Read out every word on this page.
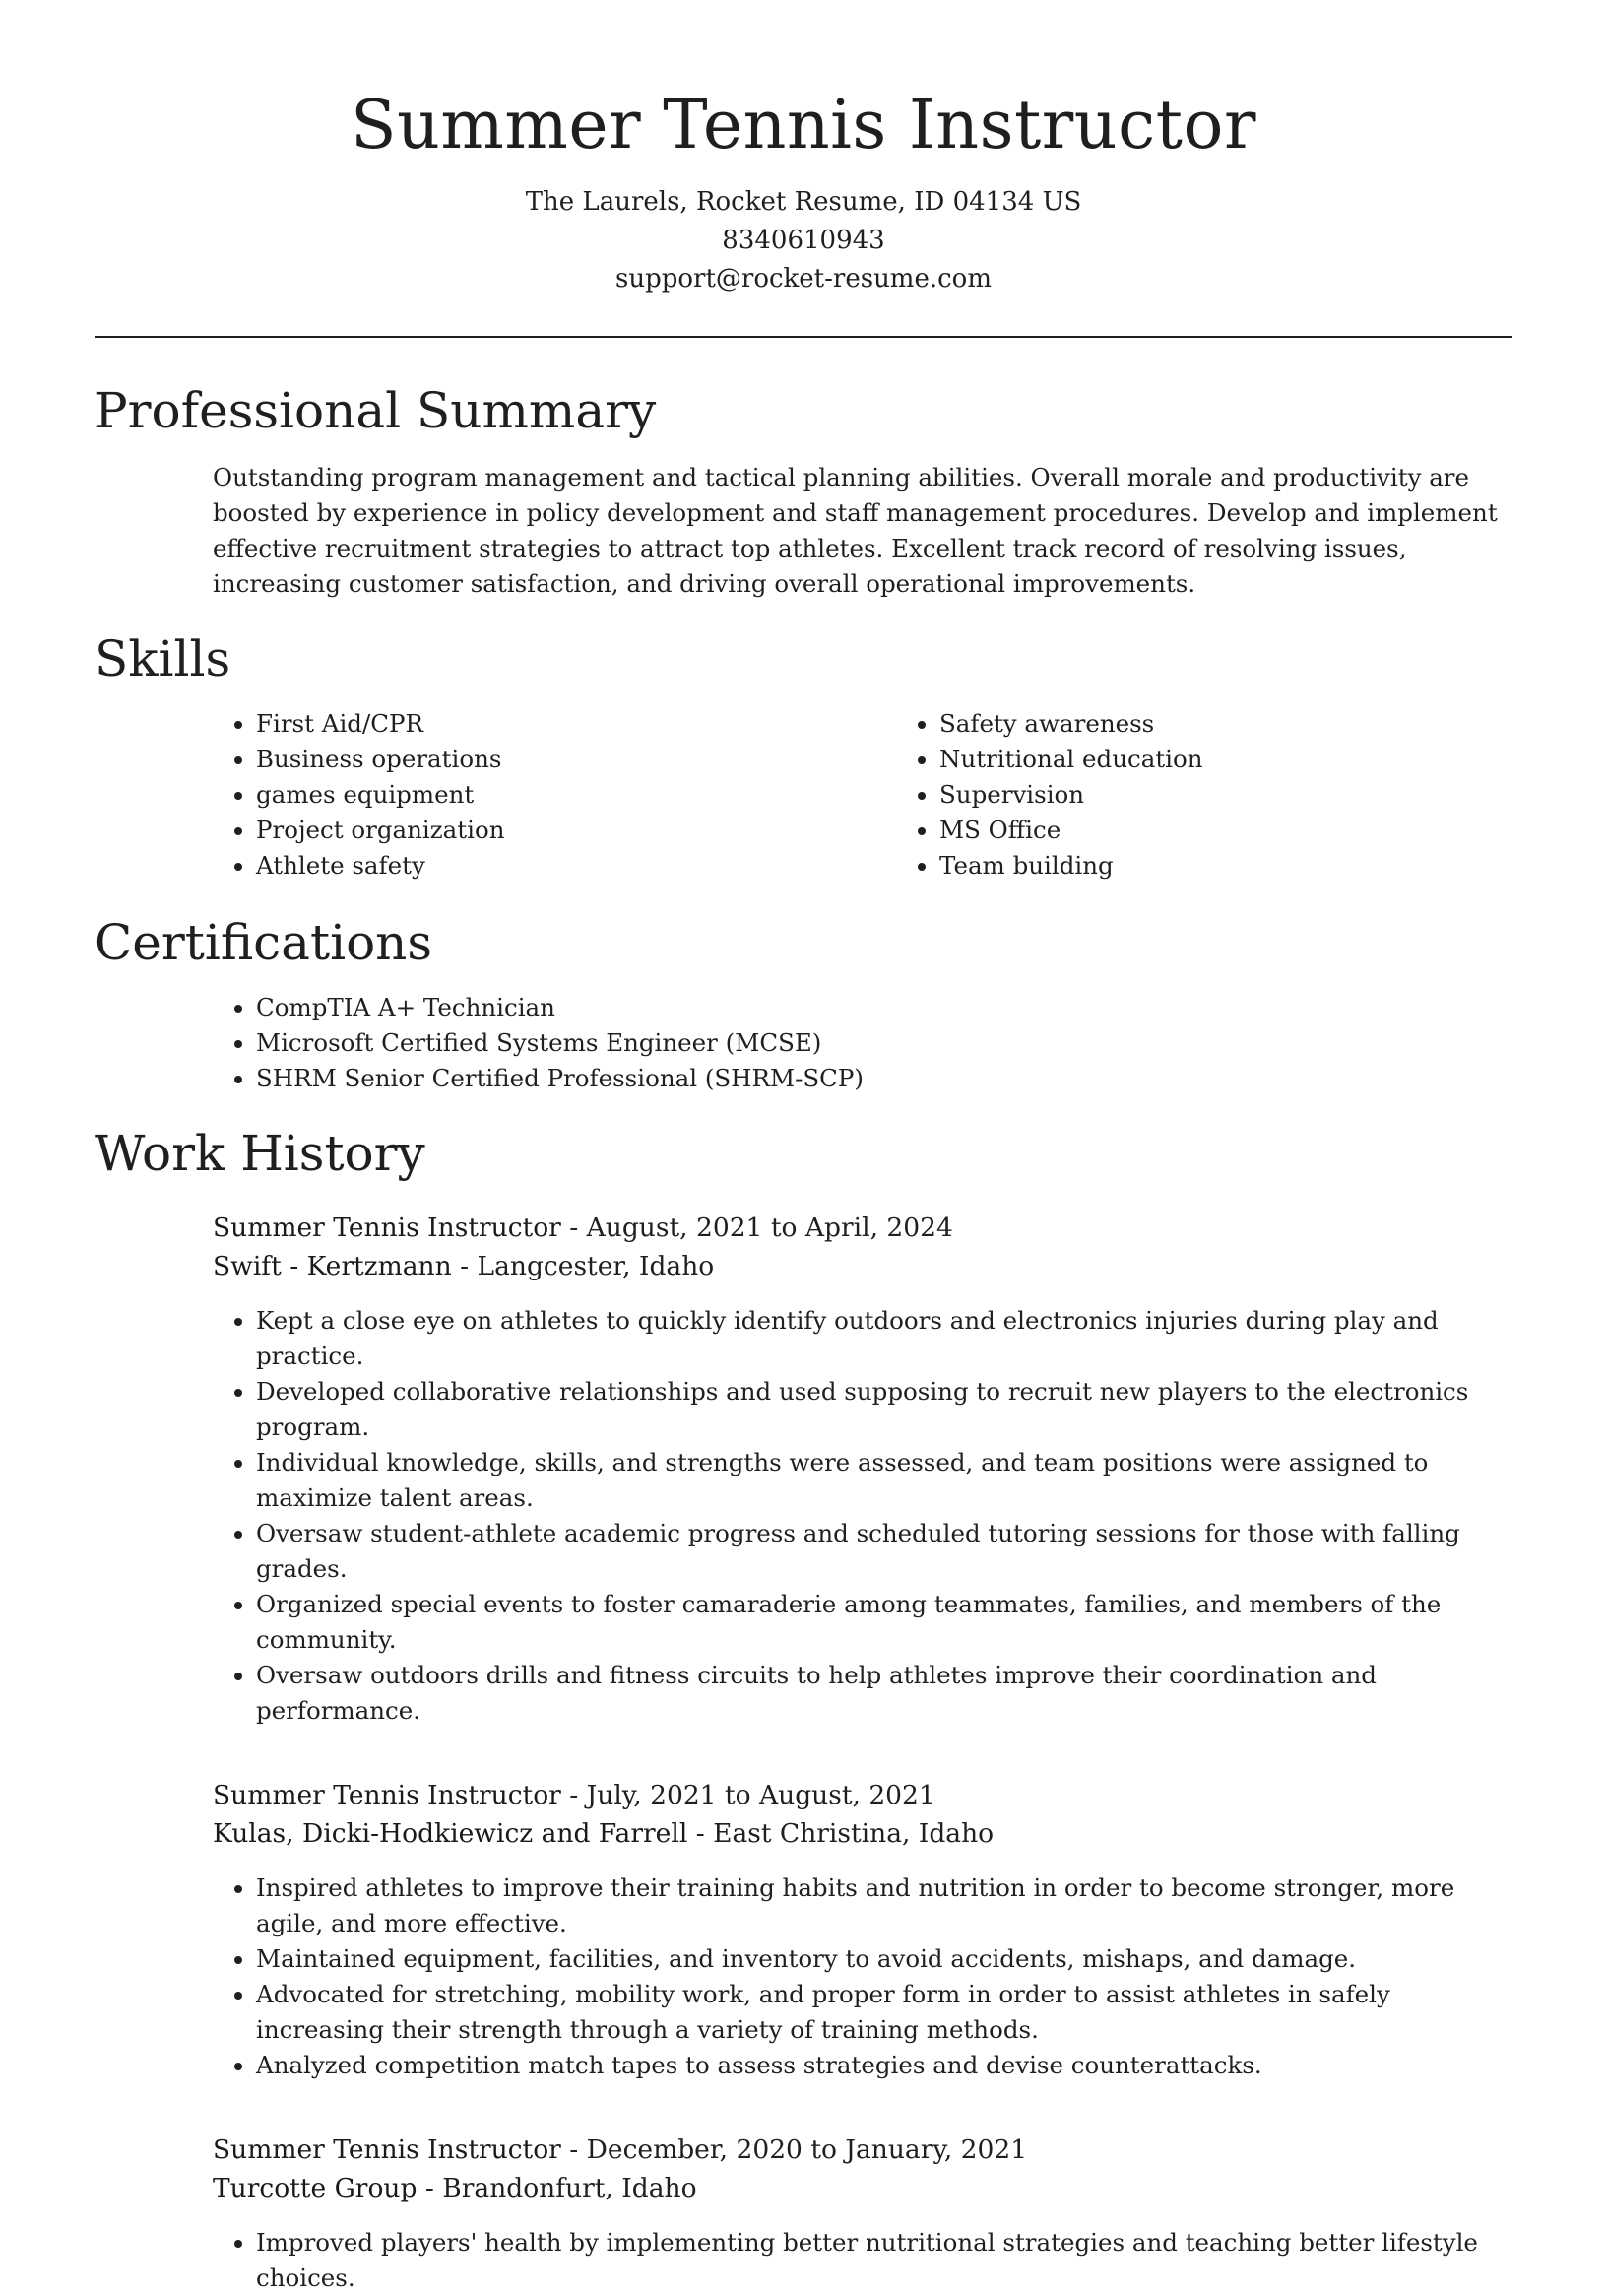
Summer Tennis Instructor
The Laurels, Rocket Resume, ID 04134 US
8340610943
support@rocket-resume.com
Professional Summary

Outstanding program management and tactical planning abilities. Overall morale and productivity are boosted by experience in policy development and staff management procedures. Develop and implement effective recruitment strategies to attract top athletes. Excellent track record of resolving issues, increasing customer satisfaction, and driving overall operational improvements.

Skills
• First Aid/CPR
• Business operations
• games equipment
• Project organization
• Athlete safety
• Safety awareness
• Nutritional education
• Supervision
• MS Office
• Team building
Certifications
• CompTIA A+ Technician
• Microsoft Certified Systems Engineer (MCSE)
• SHRM Senior Certified Professional (SHRM-SCP)
Work History
Summer Tennis Instructor - August, 2021 to April, 2024
Swift - Kertzmann - Langcester, Idaho
• Kept a close eye on athletes to quickly identify outdoors and electronics injuries during play and practice.
• Developed collaborative relationships and used supposing to recruit new players to the electronics program.
• Individual knowledge, skills, and strengths were assessed, and team positions were assigned to maximize talent areas.
• Oversaw student-athlete academic progress and scheduled tutoring sessions for those with falling grades.
• Organized special events to foster camaraderie among teammates, families, and members of the community.
• Oversaw outdoors drills and fitness circuits to help athletes improve their coordination and performance.
Summer Tennis Instructor - July, 2021 to August, 2021
Kulas, Dicki-Hodkiewicz and Farrell - East Christina, Idaho
• Inspired athletes to improve their training habits and nutrition in order to become stronger, more agile, and more effective.
• Maintained equipment, facilities, and inventory to avoid accidents, mishaps, and damage.
• Advocated for stretching, mobility work, and proper form in order to assist athletes in safely increasing their strength through a variety of training methods.
• Analyzed competition match tapes to assess strategies and devise counterattacks.
Summer Tennis Instructor - December, 2020 to January, 2021
Turcotte Group - Brandonfurt, Idaho
• Improved players' health by implementing better nutritional strategies and teaching better lifestyle choices.
